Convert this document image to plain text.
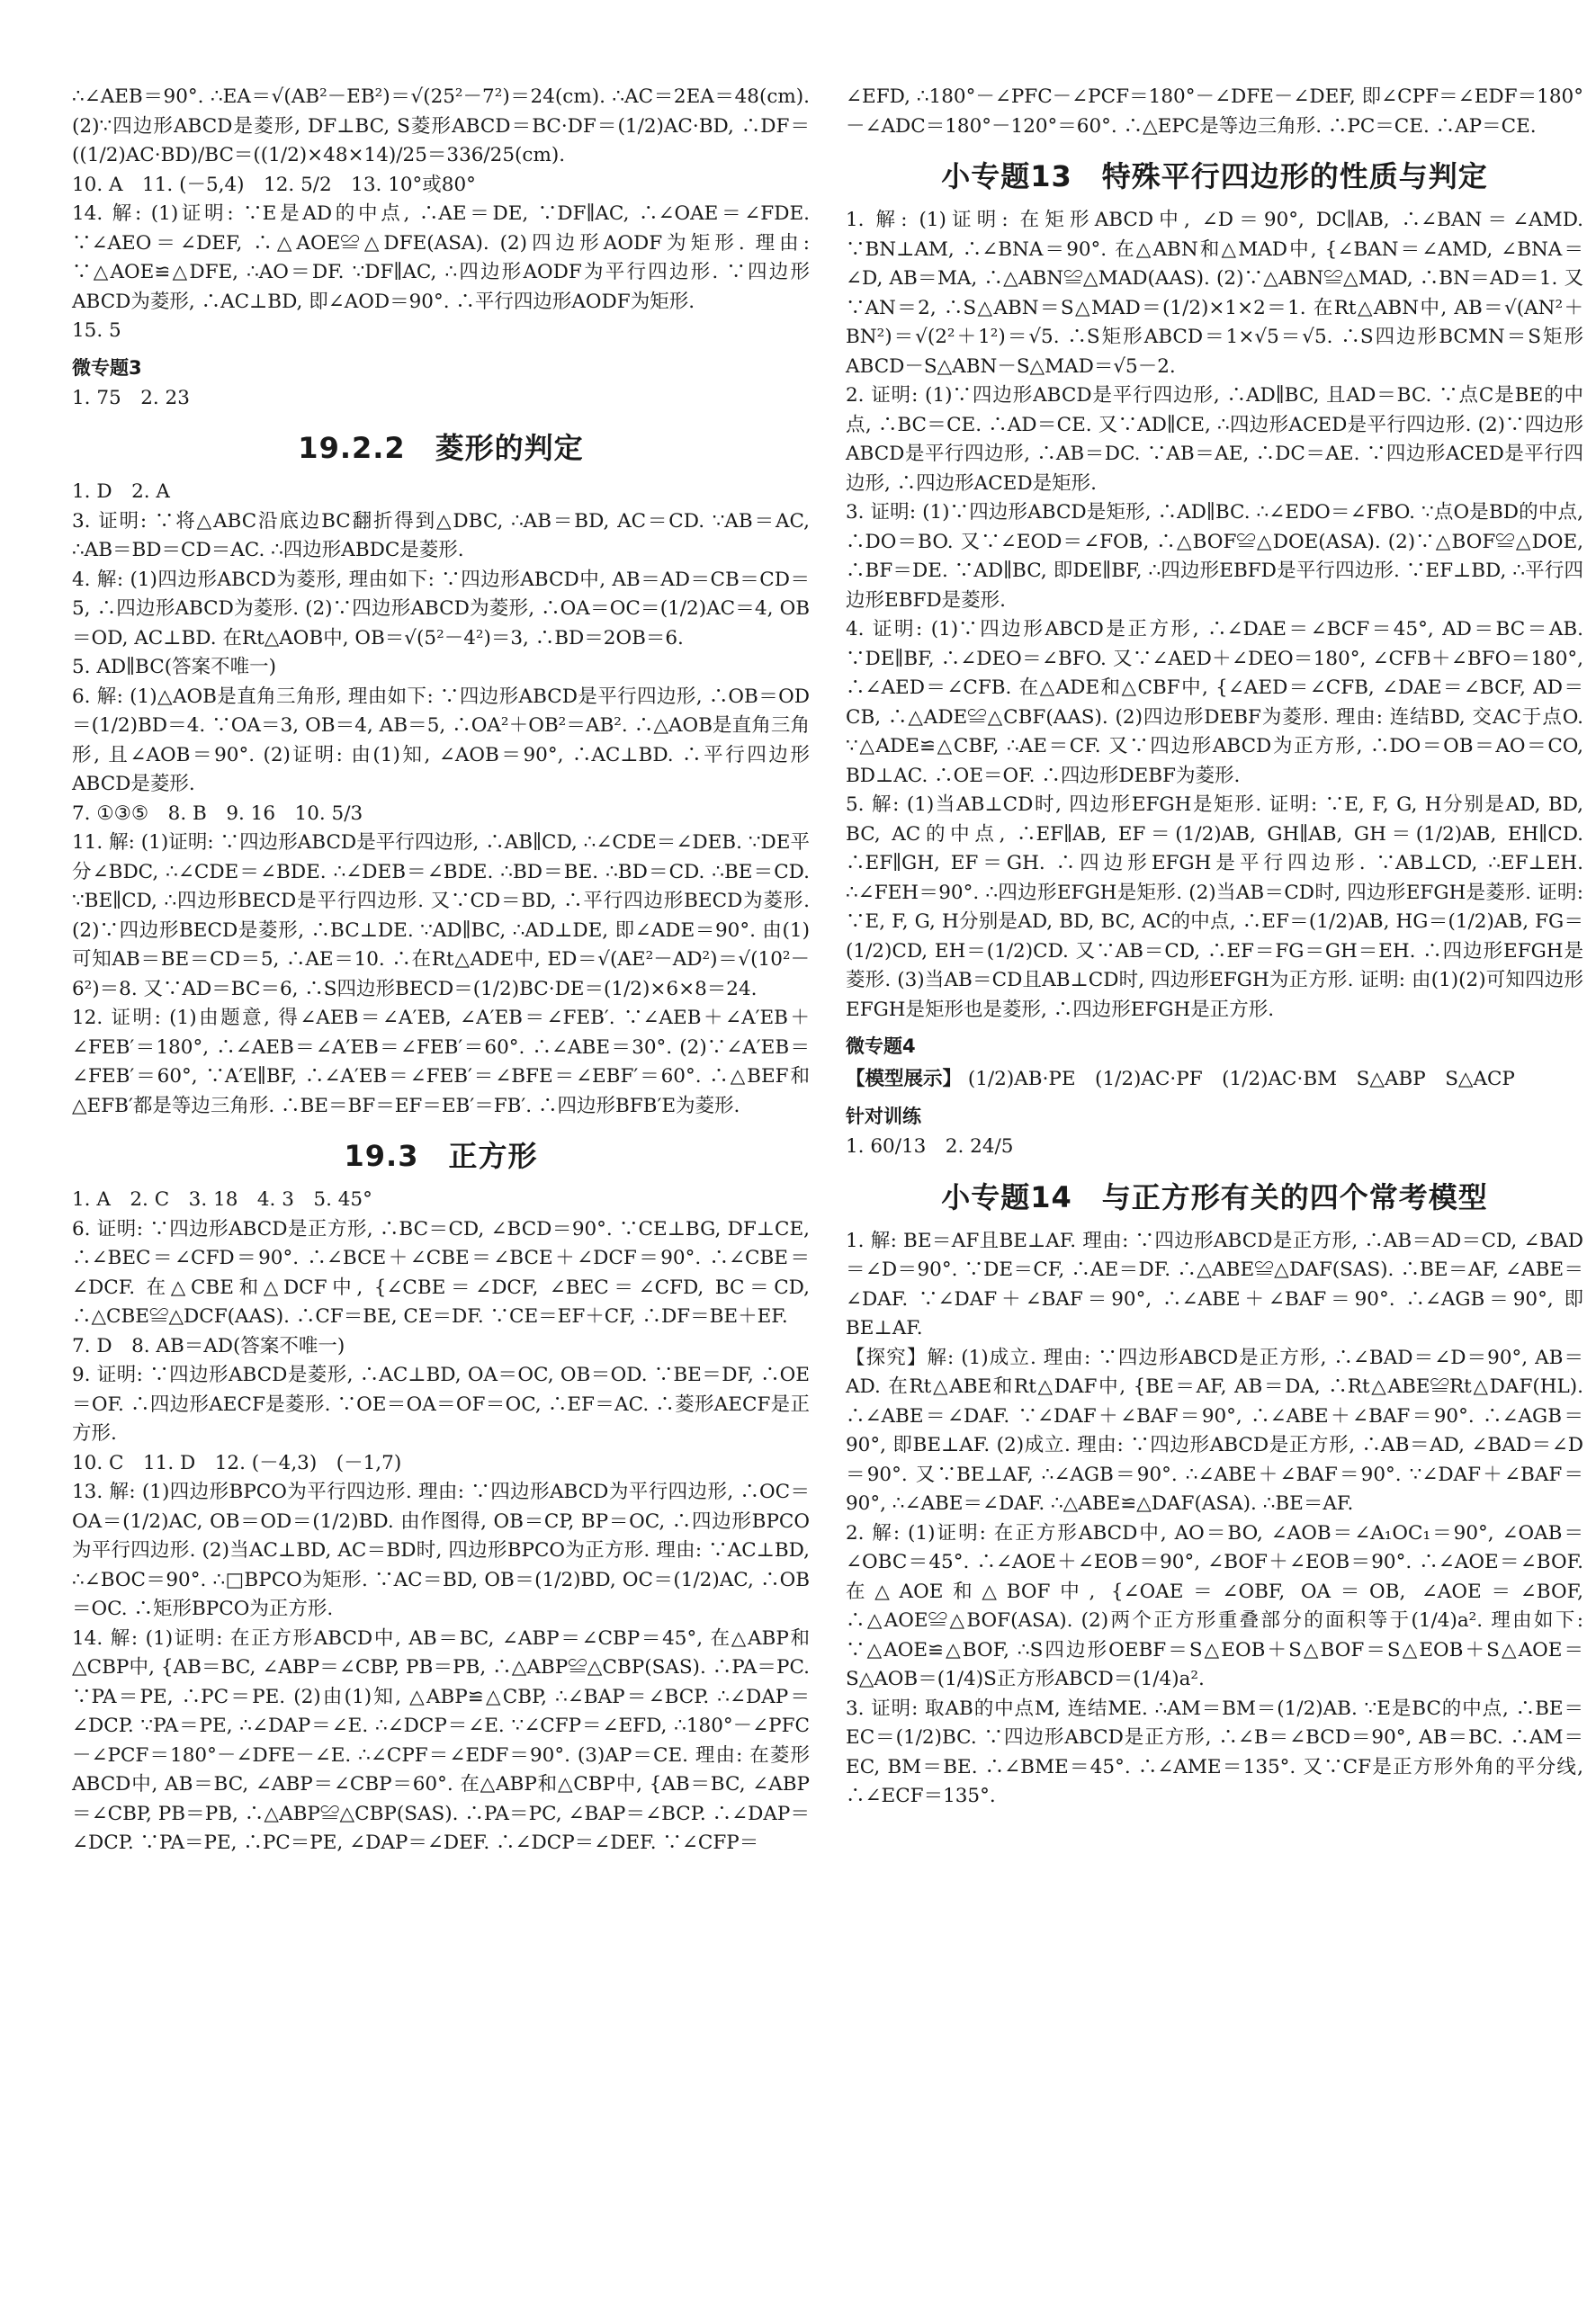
∴∠AEB＝90°. ∴EA＝√(AB²－EB²)＝√(25²－7²)＝24(cm). ∴AC＝2EA＝48(cm). (2)∵四边形ABCD是菱形, DF⊥BC, S菱形ABCD＝BC·DF＝(1/2)AC·BD, ∴DF＝((1/2)AC·BD)/BC＝((1/2)×48×14)/25＝336/25(cm).

10. A　11. (－5,4)　12. 5/2　13. 10°或80°

14. 解: (1)证明: ∵E是AD的中点, ∴AE＝DE, ∵DF∥AC, ∴∠OAE＝∠FDE. ∵∠AEO＝∠DEF, ∴△AOE≌△DFE(ASA). (2)四边形AODF为矩形. 理由: ∵△AOE≌△DFE, ∴AO＝DF. ∵DF∥AC, ∴四边形AODF为平行四边形. ∵四边形ABCD为菱形, ∴AC⊥BD, 即∠AOD＝90°. ∴平行四边形AODF为矩形.

15. 5

微专题3

1. 75　2. 23

19.2.2　菱形的判定

1. D　2. A

3. 证明: ∵将△ABC沿底边BC翻折得到△DBC, ∴AB＝BD, AC＝CD. ∵AB＝AC, ∴AB＝BD＝CD＝AC. ∴四边形ABDC是菱形.

4. 解: (1)四边形ABCD为菱形, 理由如下: ∵四边形ABCD中, AB＝AD＝CB＝CD＝5, ∴四边形ABCD为菱形. (2)∵四边形ABCD为菱形, ∴OA＝OC＝(1/2)AC＝4, OB＝OD, AC⊥BD. 在Rt△AOB中, OB＝√(5²－4²)＝3, ∴BD＝2OB＝6.

5. AD∥BC(答案不唯一)

6. 解: (1)△AOB是直角三角形, 理由如下: ∵四边形ABCD是平行四边形, ∴OB＝OD＝(1/2)BD＝4. ∵OA＝3, OB＝4, AB＝5, ∴OA²＋OB²＝AB². ∴△AOB是直角三角形, 且∠AOB＝90°. (2)证明: 由(1)知, ∠AOB＝90°, ∴AC⊥BD. ∴平行四边形ABCD是菱形.

7. ①③⑤　8. B　9. 16　10. 5/3

11. 解: (1)证明: ∵四边形ABCD是平行四边形, ∴AB∥CD, ∴∠CDE＝∠DEB. ∵DE平分∠BDC, ∴∠CDE＝∠BDE. ∴∠DEB＝∠BDE. ∴BD＝BE. ∴BD＝CD. ∴BE＝CD. ∵BE∥CD, ∴四边形BECD是平行四边形. 又∵CD＝BD, ∴平行四边形BECD为菱形. (2)∵四边形BECD是菱形, ∴BC⊥DE. ∵AD∥BC, ∴AD⊥DE, 即∠ADE＝90°. 由(1)可知AB＝BE＝CD＝5, ∴AE＝10. ∴在Rt△ADE中, ED＝√(AE²－AD²)＝√(10²－6²)＝8. 又∵AD＝BC＝6, ∴S四边形BECD＝(1/2)BC·DE＝(1/2)×6×8＝24.

12. 证明: (1)由题意, 得∠AEB＝∠A′EB, ∠A′EB＝∠FEB′. ∵∠AEB＋∠A′EB＋∠FEB′＝180°, ∴∠AEB＝∠A′EB＝∠FEB′＝60°. ∴∠ABE＝30°. (2)∵∠A′EB＝∠FEB′＝60°, ∵A′E∥BF, ∴∠A′EB＝∠FEB′＝∠BFE＝∠EBF′＝60°. ∴△BEF和△EFB′都是等边三角形. ∴BE＝BF＝EF＝EB′＝FB′. ∴四边形BFB′E为菱形.

19.3　正方形

1. A　2. C　3. 18　4. 3　5. 45°

6. 证明: ∵四边形ABCD是正方形, ∴BC＝CD, ∠BCD＝90°. ∵CE⊥BG, DF⊥CE, ∴∠BEC＝∠CFD＝90°. ∴∠BCE＋∠CBE＝∠BCE＋∠DCF＝90°. ∴∠CBE＝∠DCF. 在△CBE和△DCF中, {∠CBE＝∠DCF, ∠BEC＝∠CFD, BC＝CD, ∴△CBE≌△DCF(AAS). ∴CF＝BE, CE＝DF. ∵CE＝EF＋CF, ∴DF＝BE＋EF.

7. D　8. AB＝AD(答案不唯一)

9. 证明: ∵四边形ABCD是菱形, ∴AC⊥BD, OA＝OC, OB＝OD. ∵BE＝DF, ∴OE＝OF. ∴四边形AECF是菱形. ∵OE＝OA＝OF＝OC, ∴EF＝AC. ∴菱形AECF是正方形.

10. C　11. D　12. (－4,3)　(－1,7)

13. 解: (1)四边形BPCO为平行四边形. 理由: ∵四边形ABCD为平行四边形, ∴OC＝OA＝(1/2)AC, OB＝OD＝(1/2)BD. 由作图得, OB＝CP, BP＝OC, ∴四边形BPCO为平行四边形. (2)当AC⊥BD, AC＝BD时, 四边形BPCO为正方形. 理由: ∵AC⊥BD, ∴∠BOC＝90°. ∴□BPCO为矩形. ∵AC＝BD, OB＝(1/2)BD, OC＝(1/2)AC, ∴OB＝OC. ∴矩形BPCO为正方形.

14. 解: (1)证明: 在正方形ABCD中, AB＝BC, ∠ABP＝∠CBP＝45°, 在△ABP和△CBP中, {AB＝BC, ∠ABP＝∠CBP, PB＝PB, ∴△ABP≌△CBP(SAS). ∴PA＝PC. ∵PA＝PE, ∴PC＝PE. (2)由(1)知, △ABP≌△CBP, ∴∠BAP＝∠BCP. ∴∠DAP＝∠DCP. ∵PA＝PE, ∴∠DAP＝∠E. ∴∠DCP＝∠E. ∵∠CFP＝∠EFD, ∴180°－∠PFC－∠PCF＝180°－∠DFE－∠E. ∴∠CPF＝∠EDF＝90°. (3)AP＝CE. 理由: 在菱形ABCD中, AB＝BC, ∠ABP＝∠CBP＝60°. 在△ABP和△CBP中, {AB＝BC, ∠ABP＝∠CBP, PB＝PB, ∴△ABP≌△CBP(SAS). ∴PA＝PC, ∠BAP＝∠BCP. ∴∠DAP＝∠DCP. ∵PA＝PE, ∴PC＝PE, ∠DAP＝∠DEF. ∴∠DCP＝∠DEF. ∵∠CFP＝

∠EFD, ∴180°－∠PFC－∠PCF＝180°－∠DFE－∠DEF, 即∠CPF＝∠EDF＝180°－∠ADC＝180°－120°＝60°. ∴△EPC是等边三角形. ∴PC＝CE. ∴AP＝CE.

小专题13　特殊平行四边形的性质与判定

1. 解: (1)证明: 在矩形ABCD中, ∠D＝90°, DC∥AB, ∴∠BAN＝∠AMD. ∵BN⊥AM, ∴∠BNA＝90°. 在△ABN和△MAD中, {∠BAN＝∠AMD, ∠BNA＝∠D, AB＝MA, ∴△ABN≌△MAD(AAS). (2)∵△ABN≌△MAD, ∴BN＝AD＝1. 又∵AN＝2, ∴S△ABN＝S△MAD＝(1/2)×1×2＝1. 在Rt△ABN中, AB＝√(AN²＋BN²)＝√(2²＋1²)＝√5. ∴S矩形ABCD＝1×√5＝√5. ∴S四边形BCMN＝S矩形ABCD－S△ABN－S△MAD＝√5－2.

2. 证明: (1)∵四边形ABCD是平行四边形, ∴AD∥BC, 且AD＝BC. ∵点C是BE的中点, ∴BC＝CE. ∴AD＝CE. 又∵AD∥CE, ∴四边形ACED是平行四边形. (2)∵四边形ABCD是平行四边形, ∴AB＝DC. ∵AB＝AE, ∴DC＝AE. ∵四边形ACED是平行四边形, ∴四边形ACED是矩形.

3. 证明: (1)∵四边形ABCD是矩形, ∴AD∥BC. ∴∠EDO＝∠FBO. ∵点O是BD的中点, ∴DO＝BO. 又∵∠EOD＝∠FOB, ∴△BOF≌△DOE(ASA). (2)∵△BOF≌△DOE, ∴BF＝DE. ∵AD∥BC, 即DE∥BF, ∴四边形EBFD是平行四边形. ∵EF⊥BD, ∴平行四边形EBFD是菱形.

4. 证明: (1)∵四边形ABCD是正方形, ∴∠DAE＝∠BCF＝45°, AD＝BC＝AB. ∵DE∥BF, ∴∠DEO＝∠BFO. 又∵∠AED＋∠DEO＝180°, ∠CFB＋∠BFO＝180°, ∴∠AED＝∠CFB. 在△ADE和△CBF中, {∠AED＝∠CFB, ∠DAE＝∠BCF, AD＝CB, ∴△ADE≌△CBF(AAS). (2)四边形DEBF为菱形. 理由: 连结BD, 交AC于点O. ∵△ADE≌△CBF, ∴AE＝CF. 又∵四边形ABCD为正方形, ∴DO＝OB＝AO＝CO, BD⊥AC. ∴OE＝OF. ∴四边形DEBF为菱形.

5. 解: (1)当AB⊥CD时, 四边形EFGH是矩形. 证明: ∵E, F, G, H分别是AD, BD, BC, AC的中点, ∴EF∥AB, EF＝(1/2)AB, GH∥AB, GH＝(1/2)AB, EH∥CD. ∴EF∥GH, EF＝GH. ∴四边形EFGH是平行四边形. ∵AB⊥CD, ∴EF⊥EH. ∴∠FEH＝90°. ∴四边形EFGH是矩形. (2)当AB＝CD时, 四边形EFGH是菱形. 证明: ∵E, F, G, H分别是AD, BD, BC, AC的中点, ∴EF＝(1/2)AB, HG＝(1/2)AB, FG＝(1/2)CD, EH＝(1/2)CD. 又∵AB＝CD, ∴EF＝FG＝GH＝EH. ∴四边形EFGH是菱形. (3)当AB＝CD且AB⊥CD时, 四边形EFGH为正方形. 证明: 由(1)(2)可知四边形EFGH是矩形也是菱形, ∴四边形EFGH是正方形.

微专题4
【模型展示】 (1/2)AB·PE　(1/2)AC·PF　(1/2)AC·BM　S△ABP　S△ACP
针对训练

1. 60/13　2. 24/5

小专题14　与正方形有关的四个常考模型

1. 解: BE＝AF且BE⊥AF. 理由: ∵四边形ABCD是正方形, ∴AB＝AD＝CD, ∠BAD＝∠D＝90°. ∵DE＝CF, ∴AE＝DF. ∴△ABE≌△DAF(SAS). ∴BE＝AF, ∠ABE＝∠DAF. ∵∠DAF＋∠BAF＝90°, ∴∠ABE＋∠BAF＝90°. ∴∠AGB＝90°, 即BE⊥AF.

【探究】解: (1)成立. 理由: ∵四边形ABCD是正方形, ∴∠BAD＝∠D＝90°, AB＝AD. 在Rt△ABE和Rt△DAF中, {BE＝AF, AB＝DA, ∴Rt△ABE≌Rt△DAF(HL). ∴∠ABE＝∠DAF. ∵∠DAF＋∠BAF＝90°, ∴∠ABE＋∠BAF＝90°. ∴∠AGB＝90°, 即BE⊥AF. (2)成立. 理由: ∵四边形ABCD是正方形, ∴AB＝AD, ∠BAD＝∠D＝90°. 又∵BE⊥AF, ∴∠AGB＝90°. ∴∠ABE＋∠BAF＝90°. ∵∠DAF＋∠BAF＝90°, ∴∠ABE＝∠DAF. ∴△ABE≌△DAF(ASA). ∴BE＝AF.

2. 解: (1)证明: 在正方形ABCD中, AO＝BO, ∠AOB＝∠A₁OC₁＝90°, ∠OAB＝∠OBC＝45°. ∴∠AOE＋∠EOB＝90°, ∠BOF＋∠EOB＝90°. ∴∠AOE＝∠BOF. 在△AOE和△BOF中, {∠OAE＝∠OBF, OA＝OB, ∠AOE＝∠BOF, ∴△AOE≌△BOF(ASA). (2)两个正方形重叠部分的面积等于(1/4)a². 理由如下: ∵△AOE≌△BOF, ∴S四边形OEBF＝S△EOB＋S△BOF＝S△EOB＋S△AOE＝S△AOB＝(1/4)S正方形ABCD＝(1/4)a².

3. 证明: 取AB的中点M, 连结ME. ∴AM＝BM＝(1/2)AB. ∵E是BC的中点, ∴BE＝EC＝(1/2)BC. ∵四边形ABCD是正方形, ∴∠B＝∠BCD＝90°, AB＝BC. ∴AM＝EC, BM＝BE. ∴∠BME＝45°. ∴∠AME＝135°. 又∵CF是正方形外角的平分线, ∴∠ECF＝135°.
